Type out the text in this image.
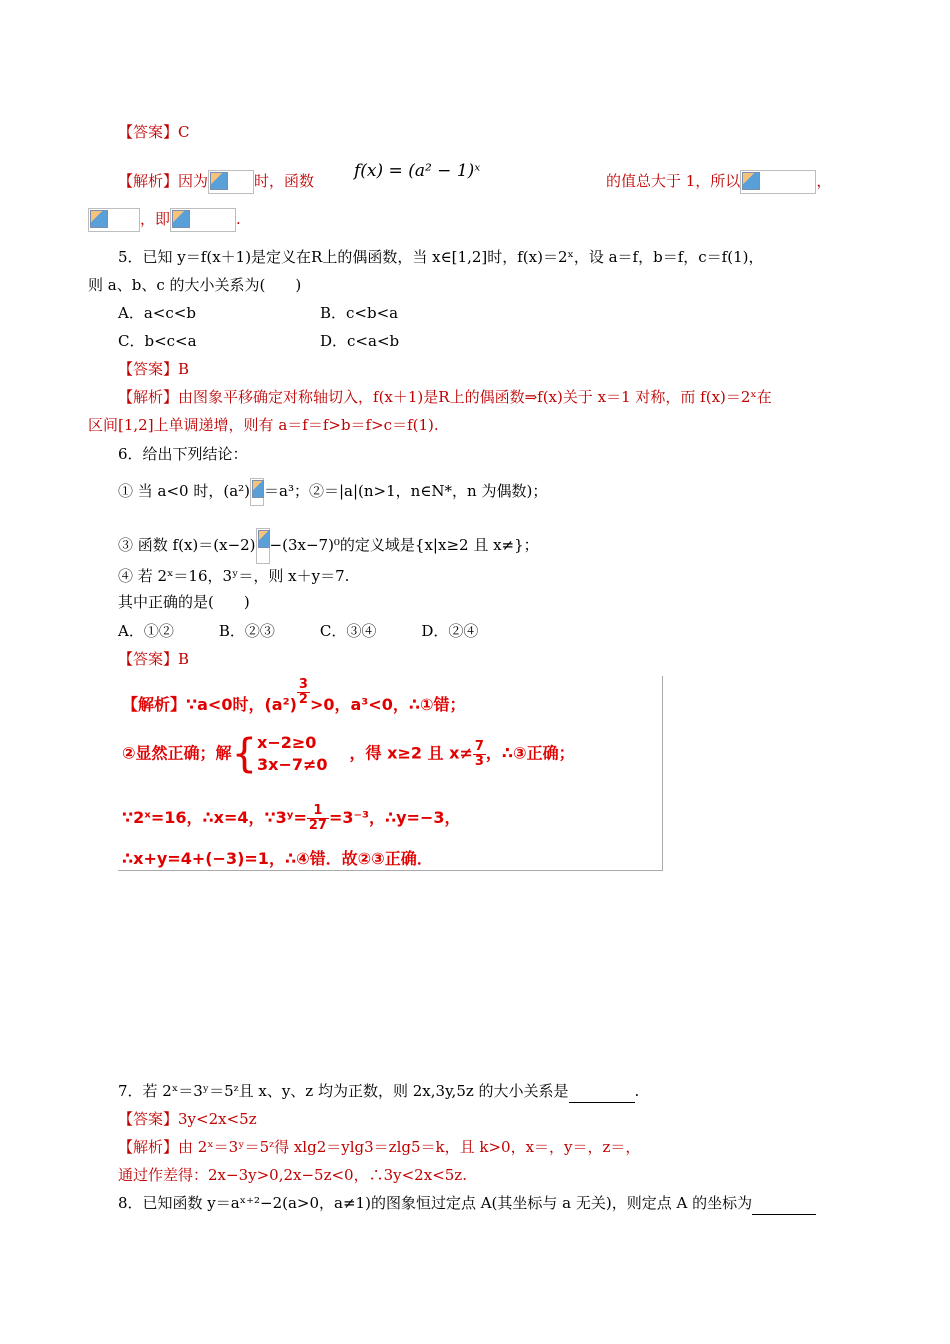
【答案】C
【解析】因为	时，函数 f(x) = (a² − 1)ˣ	的值总大于 1，所以	，
，即	.
5．已知 y＝f(x＋1)是定义在R上的偶函数，当 x∈[1,2]时，f(x)＝2ˣ，设 a＝f，b＝f，c＝f(1)，
则 a、b、c 的大小关系为(　　)
A．a<c<b	B．c<b<a
C．b<c<a	D．c<a<b
【答案】B
【解析】由图象平移确定对称轴切入，f(x＋1)是R上的偶函数⇒f(x)关于 x＝1 对称，而 f(x)＝2ˣ在
区间[1,2]上单调递增，则有 a＝f＝f>b＝f>c＝f(1).
6．给出下列结论：
① 当 a<0 时，(a²) ＝a³；②＝|a|(n>1，n∈N*，n 为偶数)；
③ 函数 f(x)＝(x−2) −(3x−7)⁰的定义域是{x|x≥2 且 x≠}；
④ 若 2ˣ＝16，3ʸ＝，则 x＋y＝7.
其中正确的是(　　)
A．①②　　　B．②③　　　C．③④　　　D．②④
【答案】B
【解析】∵a<0时，$(a^2) \frac{3}{2} >0$，a³<0，∴①错；
②显然正确；解{ x−2≥0
3x−7≠0
，得 x≥2 且 $x\ne \frac{7}{3}$ ，∴③正确；
∵2ˣ=16，∴x=4，∵3ʸ= $\frac{1}{27} =3^{-3}$，∴y=−3，
∴x+y=4+(−3)=1，∴④错．故②③正确．
7．若 2ˣ＝3ʸ＝5ᶻ且 x、y、z 均为正数，则 2x,3y,5z 的大小关系是	.
【答案】3y<2x<5z
【解析】由 2ˣ＝3ʸ＝5ᶻ得 xlg2＝ylg3＝zlg5＝k，且 k>0，x＝，y＝，z＝，
通过作差得：2x−3y>0,2x−5z<0，∴3y<2x<5z.
8．已知函数 y＝aˣ⁺²−2(a>0，a≠1)的图象恒过定点 A(其坐标与 a 无关)，则定点 A 的坐标为
